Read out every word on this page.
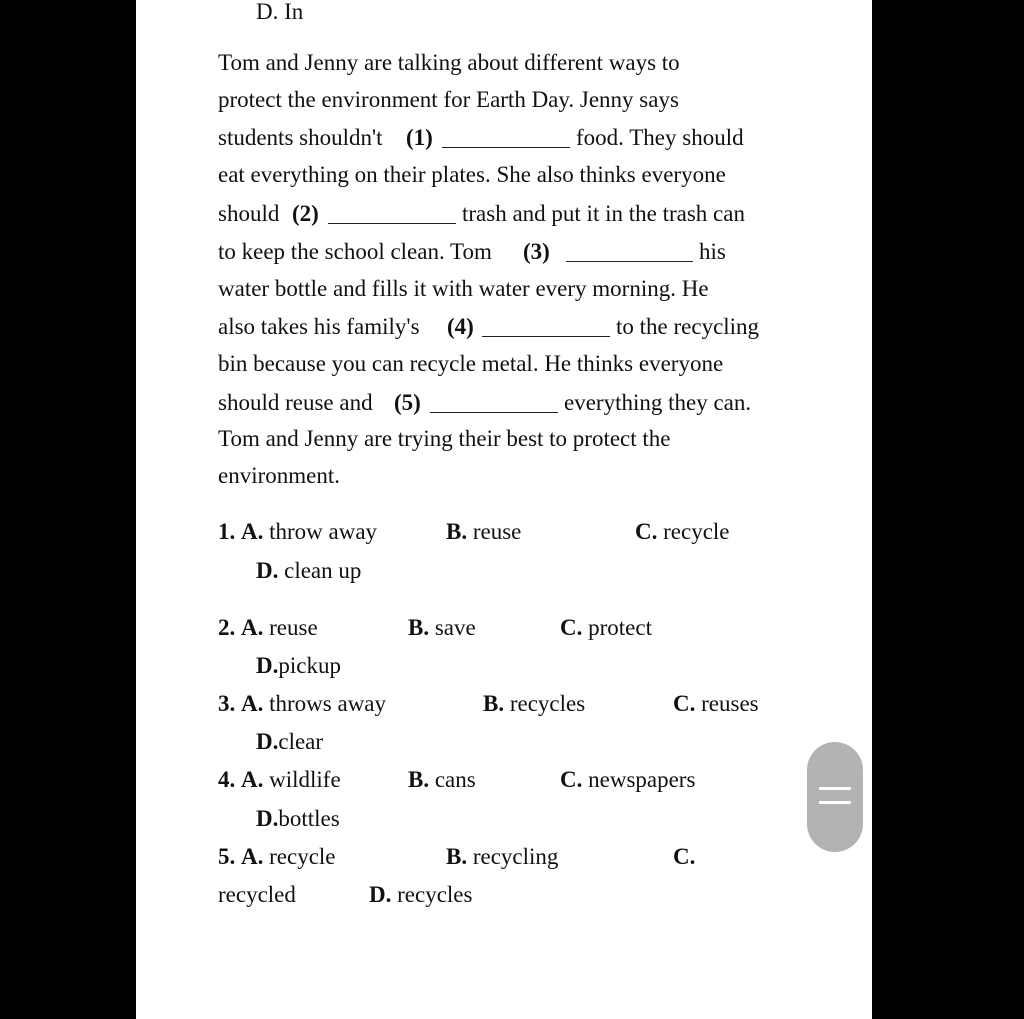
D. In
Tom and Jenny are talking about different ways to
protect the environment for Earth Day. Jenny says
students shouldn't (1)	food. They should
eat everything on their plates. She also thinks everyone
should (2)	trash and put it in the trash can
to keep the school clean. Tom (3)	his
water bottle and fills it with water every morning. He
also takes his family's (4)	to the recycling
bin because you can recycle metal. He thinks everyone
should reuse and (5)	everything they can.
Tom and Jenny are trying their best to protect the
environment.
1. A. throw away	B. reuse	C. recycle
D. clean up
2. A. reuse	B. save	C. protect
D.pickup
3. A. throws away	B. recycles	C. reuses
D.clear
4. A. wildlife	B. cans	C. newspapers
D.bottles
5. A. recycle	B. recycling	C.
recycled	D. recycles
